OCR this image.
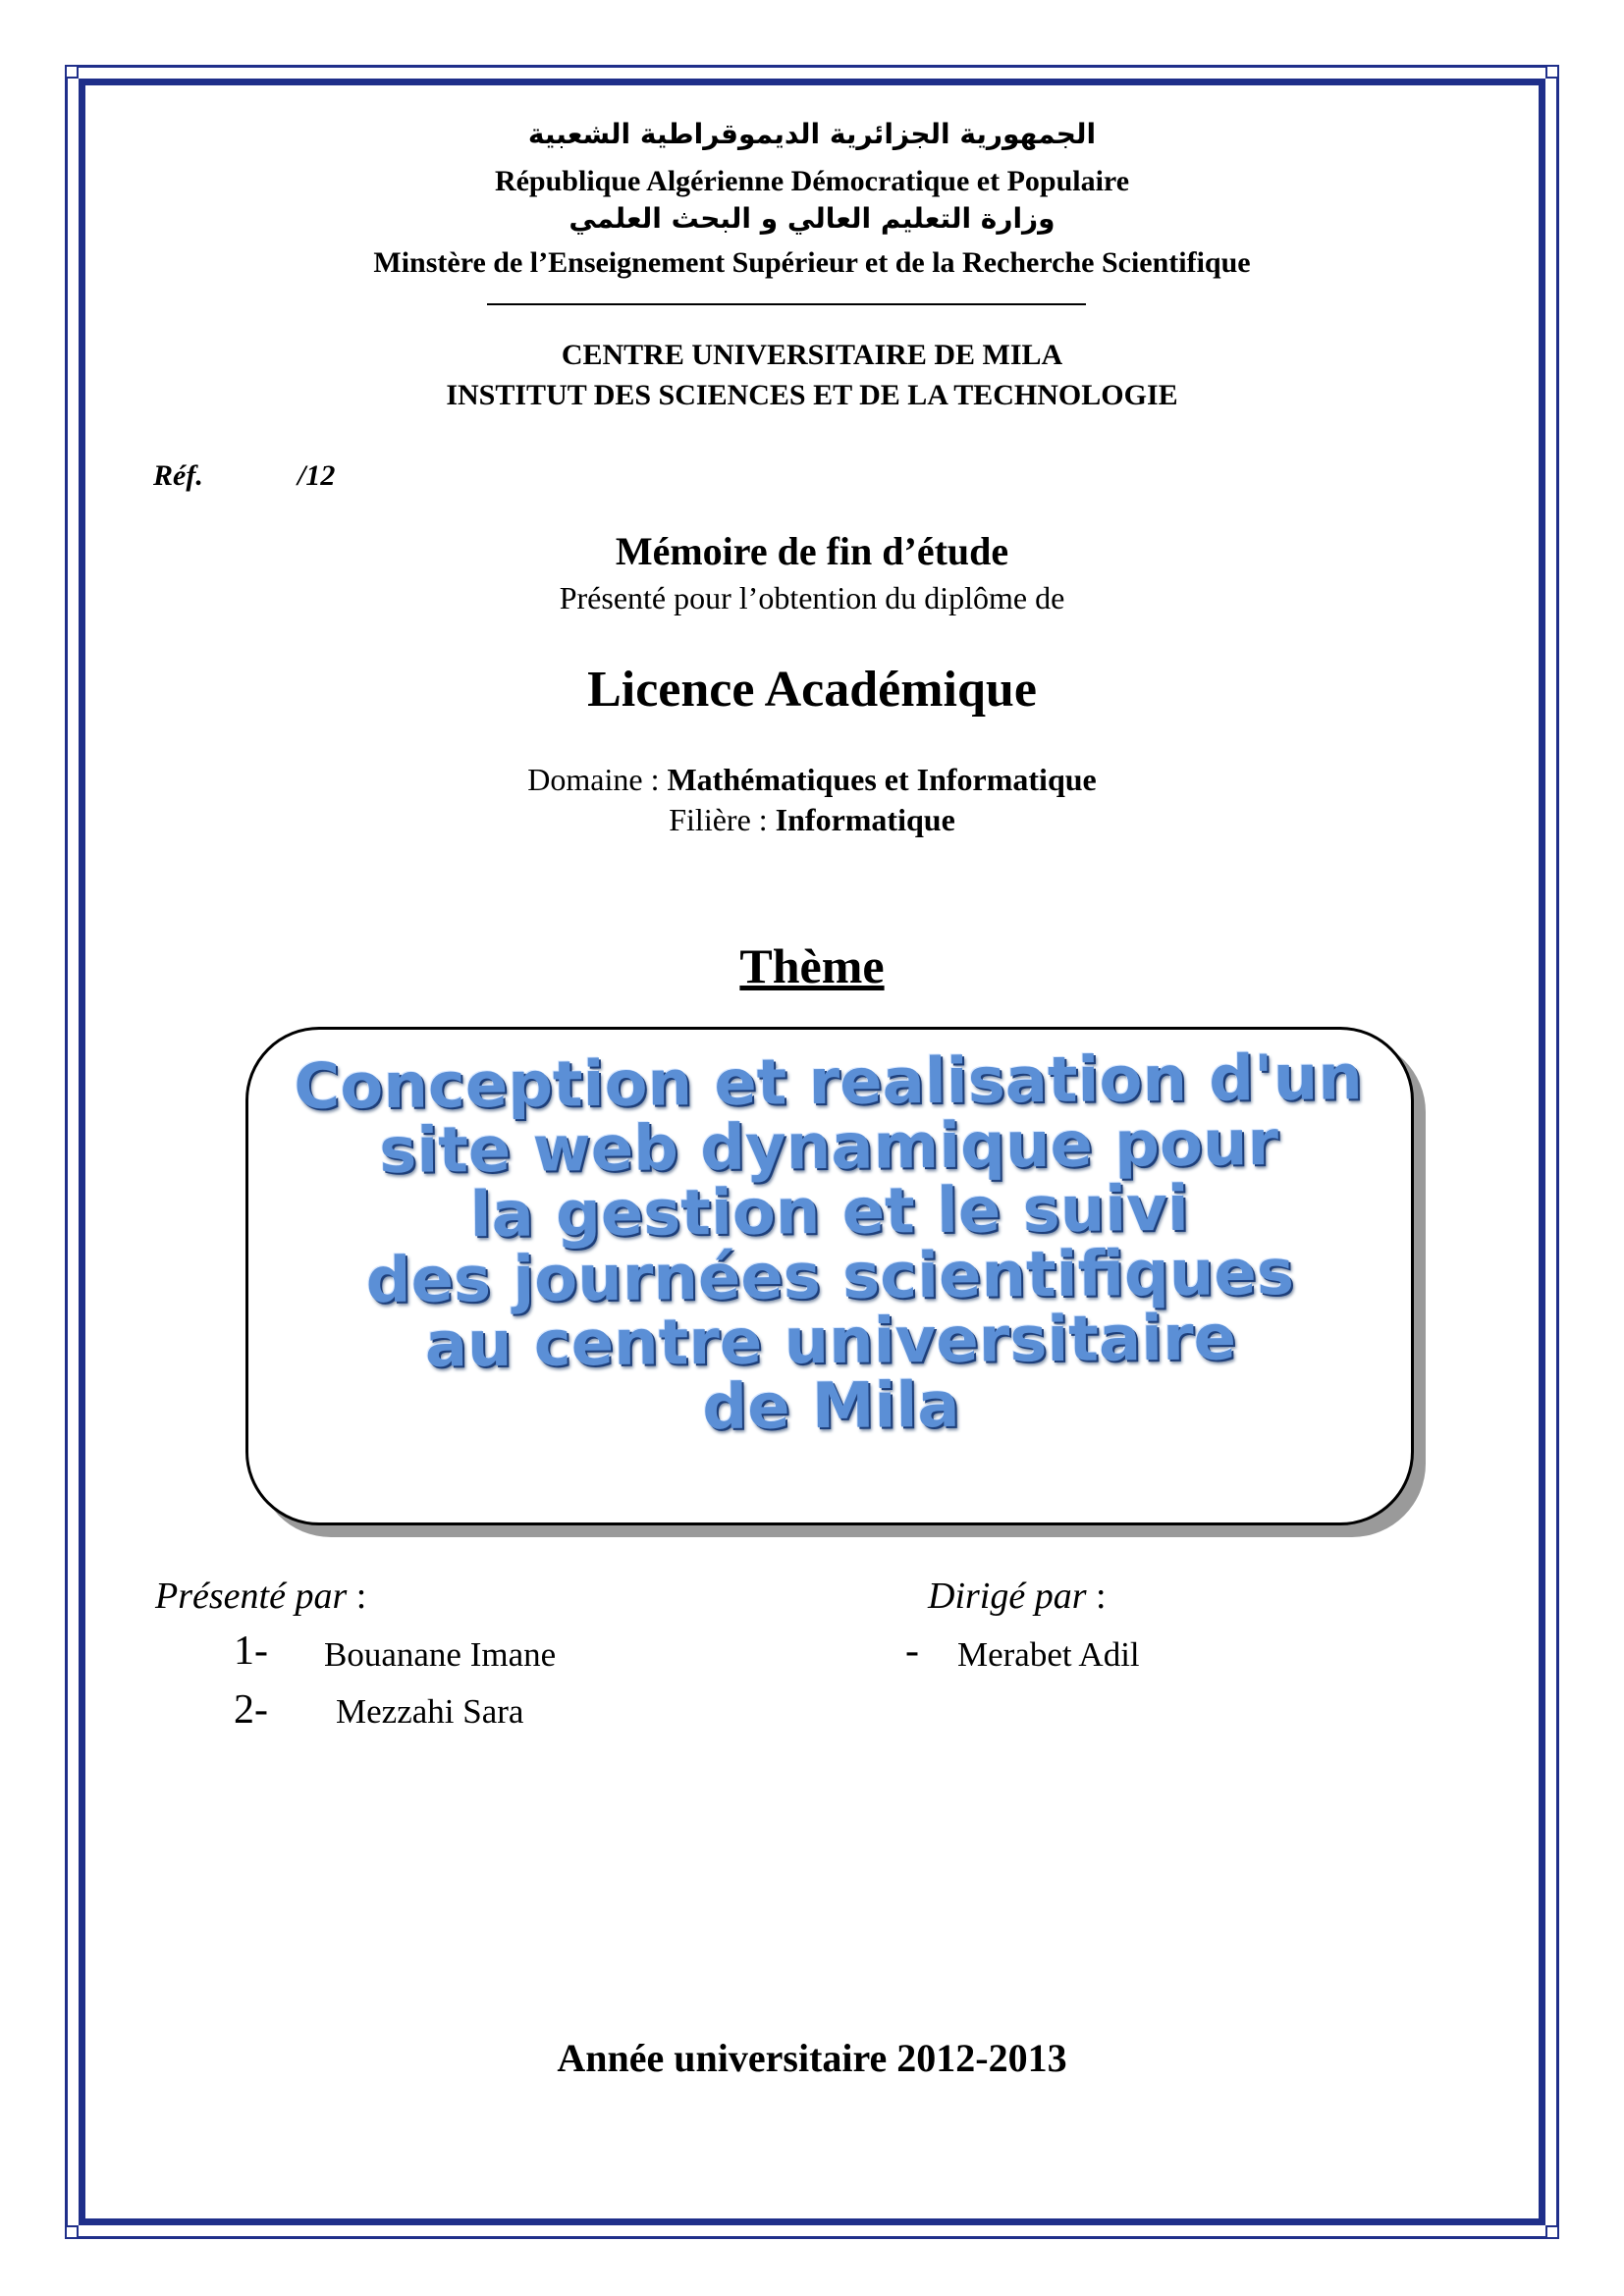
الجمهورية الجزائرية الديموقراطية الشعبية
République Algérienne Démocratique et Populaire
وزارة التعليم العالي و البحث العلمي
Minstère de l’Enseignement Supérieur et de la Recherche Scientifique
CENTRE UNIVERSITAIRE DE MILA
INSTITUT DES SCIENCES ET DE LA TECHNOLOGIE
Réf.	/12
Mémoire de fin d’étude
Présenté pour l’obtention du diplôme de
Licence Académique
Domaine : Mathématiques et Informatique
Filière : Informatique
Thème
Conception et realisation d'un
site web dynamique pour
la gestion et le suivi
des journées scientifiques
au centre universitaire
de Mila
Présenté par :
1- Bouanane Imane
2- Mezzahi Sara
Dirigé par :
- Merabet Adil
Année universitaire 2012-2013
